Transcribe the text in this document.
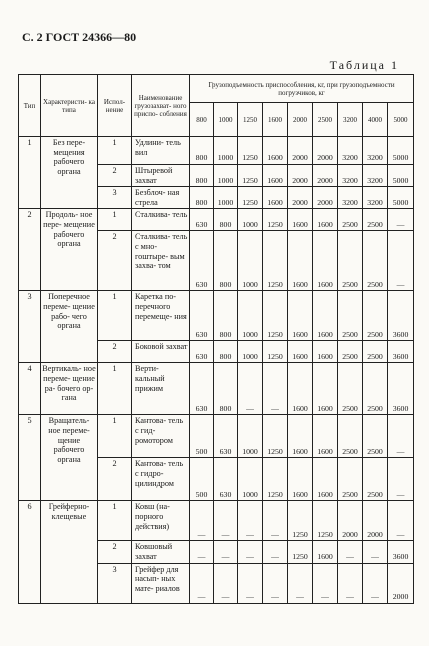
С. 2 ГОСТ 24366—80
Таблица 1
Тип	Характеристи- ка типа	Испол- нение	Наименование грузозахват- ного приспо- собления	Грузоподъемность приспособления, кг, при грузоподъемности погрузчиков, кг								
				800	1000	1250	1600	2000	2500	3200	4000	5000
1	Без пере- мещения рабочего органа	1	Удлини- тель вил	800	1000	1250	1600	2000	2000	3200	3200	5000
		2	Штыревой захват	800	1000	1250	1600	2000	2000	3200	3200	5000
		3	Безблоч- ная стрела	800	1000	1250	1600	2000	2000	3200	3200	5000
2	Продоль- ное пере- мещение рабочего органа	1	Сталкива- тель	630	800	1000	1250	1600	1600	2500	2500	—
		2	Сталкива- тель с мно- гоштыре- вым захва- том	630	800	1000	1250	1600	1600	2500	2500	—
3	Поперечное переме- щение рабо- чего органа	1	Каретка по- перечного перемеще- ния	630	800	1000	1250	1600	1600	2500	2500	3600
		2	Боковой захват	630	800	1000	1250	1600	1600	2500	2500	3600
4	Вертикаль- ное переме- щение ра- бочего ор- гана	1	Верти- кальный прижим	630	800	—	—	1600	1600	2500	2500	3600
5	Вращатель- ное переме- щение рабочего органа	1	Кантова- тель с гид- ромотором	500	630	1000	1250	1600	1600	2500	2500	—
		2	Кантова- тель с гидро- цилиндром	500	630	1000	1250	1600	1600	2500	2500	—
6	Грейферно- клещевые	1	Ковш (на- порного действия)	—	—	—	—	1250	1250	2000	2000	—
		2	Ковшовый захват	—	—	—	—	1250	1600	—	—	3600
		3	Грейфер для насып- ных мате- риалов	—	—	—	—	—	—	—	—	2000
